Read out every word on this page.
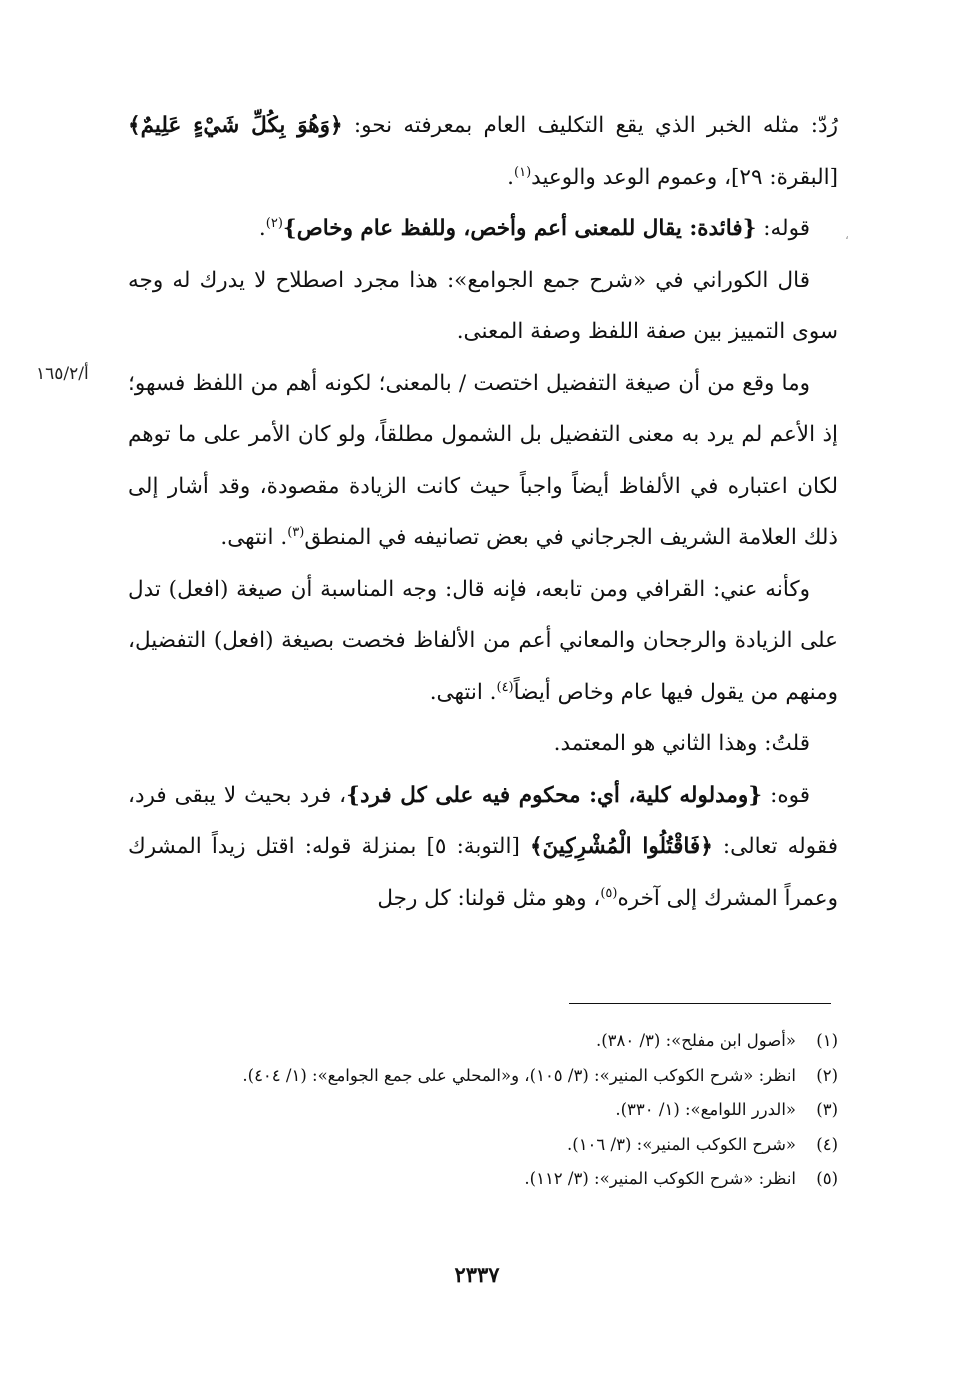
رُدّ: مثله الخبر الذي يقع التكليف العام بمعرفته نحو: ﴿وَهُوَ بِكُلِّ شَيْءٍ عَلِيمٌ﴾ [البقرة: ٢٩]، وعموم الوعد والوعيد$^{(١)}$.

قوله: {فائدة: يقال للمعنى أعم وأخص، وللفظ عام وخاص}$^{(٢)}$.

قال الكوراني في «شرح جمع الجوامع»: هذا مجرد اصطلاح لا يدرك له وجه سوى التمييز بين صفة اللفظ وصفة المعنى.

وما وقع من أن صيغة التفضيل اختصت / بالمعنى؛ لكونه أهم من اللفظ فسهو؛ إذ الأعم لم يرد به معنى التفضيل بل الشمول مطلقاً، ولو كان الأمر على ما توهم لكان اعتباره في الألفاظ أيضاً واجباً حيث كانت الزيادة مقصودة، وقد أشار إلى ذلك العلامة الشريف الجرجاني في بعض تصانيفه في المنطق$^{(٣)}$. انتهى.

وكأنه عني: القرافي ومن تابعه، فإنه قال: وجه المناسبة أن صيغة (افعل) تدل على الزيادة والرجحان والمعاني أعم من الألفاظ فخصت بصيغة (افعل) التفضيل، ومنهم من يقول فيها عام وخاص أيضاً$^{(٤)}$. انتهى.

قلتُ: وهذا الثاني هو المعتمد.

قوه: {ومدلوله كلية، أي: محكوم فيه على كل فرد}، فرد بحيث لا يبقى فرد، فقوله تعالى: ﴿فَاقْتُلُوا الْمُشْرِكِينَ﴾ [التوبة: ٥] بمنزلة قوله: اقتل زيداً المشرك وعمراً المشرك إلى آخره$^{(٥)}$، وهو مثل قولنا: كل رجل

أ/١٦٥/٢
،
(١)«أصول ابن مفلح»: (٣/ ٣٨٠).
(٢)انظر: «شرح الكوكب المنير»: (٣/ ١٠٥)، و«المحلي على جمع الجوامع»: (١/ ٤٠٤).
(٣)«الدرر اللوامع»: (١/ ٣٣٠).
(٤)«شرح الكوكب المنير»: (٣/ ١٠٦).
(٥)انظر: «شرح الكوكب المنير»: (٣/ ١١٢).
٢٣٣٧
